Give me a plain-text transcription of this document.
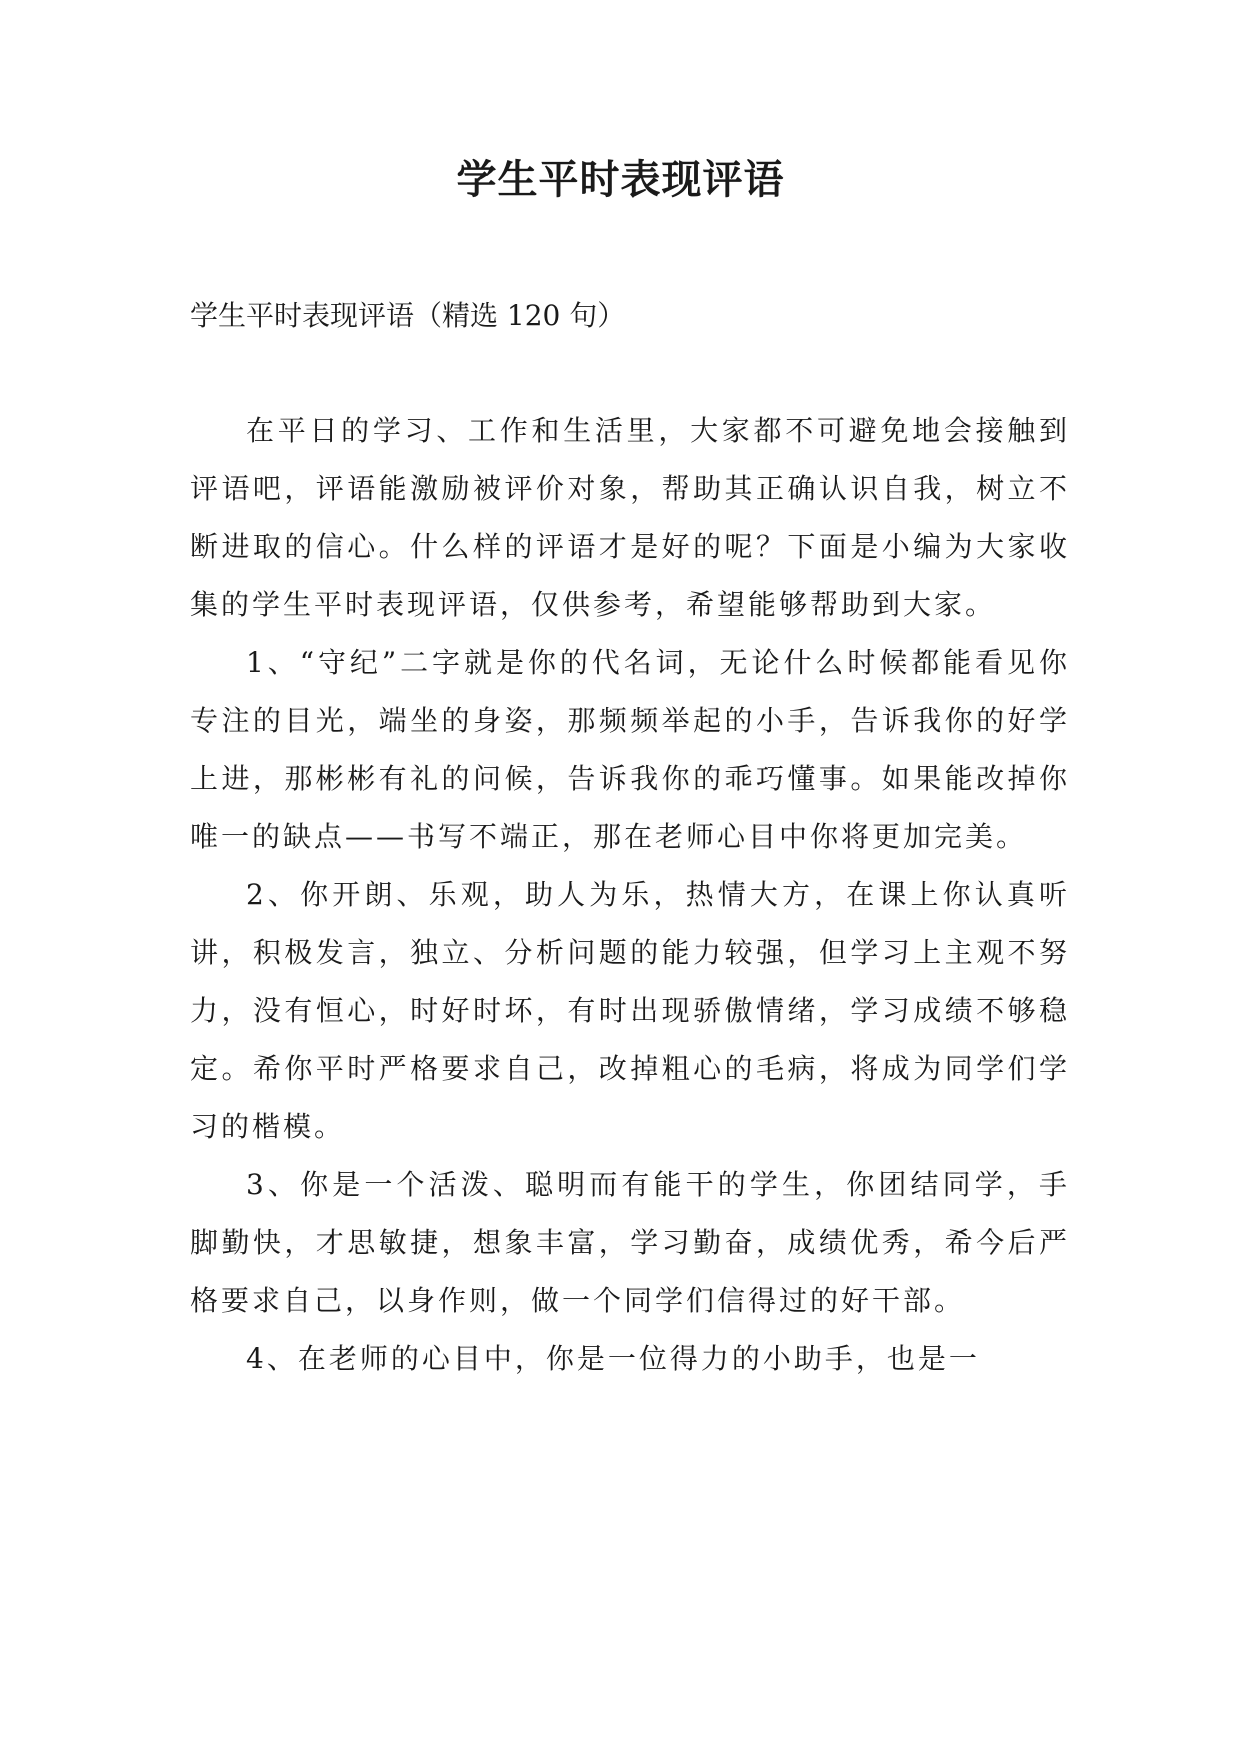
学生平时表现评语

学生平时表现评语（精选 120 句）

在平日的学习、工作和生活里，大家都不可避免地会接触到评语吧，评语能激励被评价对象，帮助其正确认识自我，树立不断进取的信心。什么样的评语才是好的呢？下面是小编为大家收集的学生平时表现评语，仅供参考，希望能够帮助到大家。

1、“守纪”二字就是你的代名词，无论什么时候都能看见你专注的目光，端坐的身姿，那频频举起的小手，告诉我你的好学上进，那彬彬有礼的问候，告诉我你的乖巧懂事。如果能改掉你唯一的缺点——书写不端正，那在老师心目中你将更加完美。

2、你开朗、乐观，助人为乐，热情大方，在课上你认真听讲，积极发言，独立、分析问题的能力较强，但学习上主观不努力，没有恒心，时好时坏，有时出现骄傲情绪，学习成绩不够稳定。希你平时严格要求自己，改掉粗心的毛病，将成为同学们学习的楷模。

3、你是一个活泼、聪明而有能干的学生，你团结同学，手脚勤快，才思敏捷，想象丰富，学习勤奋，成绩优秀，希今后严格要求自己，以身作则，做一个同学们信得过的好干部。

4、在老师的心目中，你是一位得力的小助手，也是一
